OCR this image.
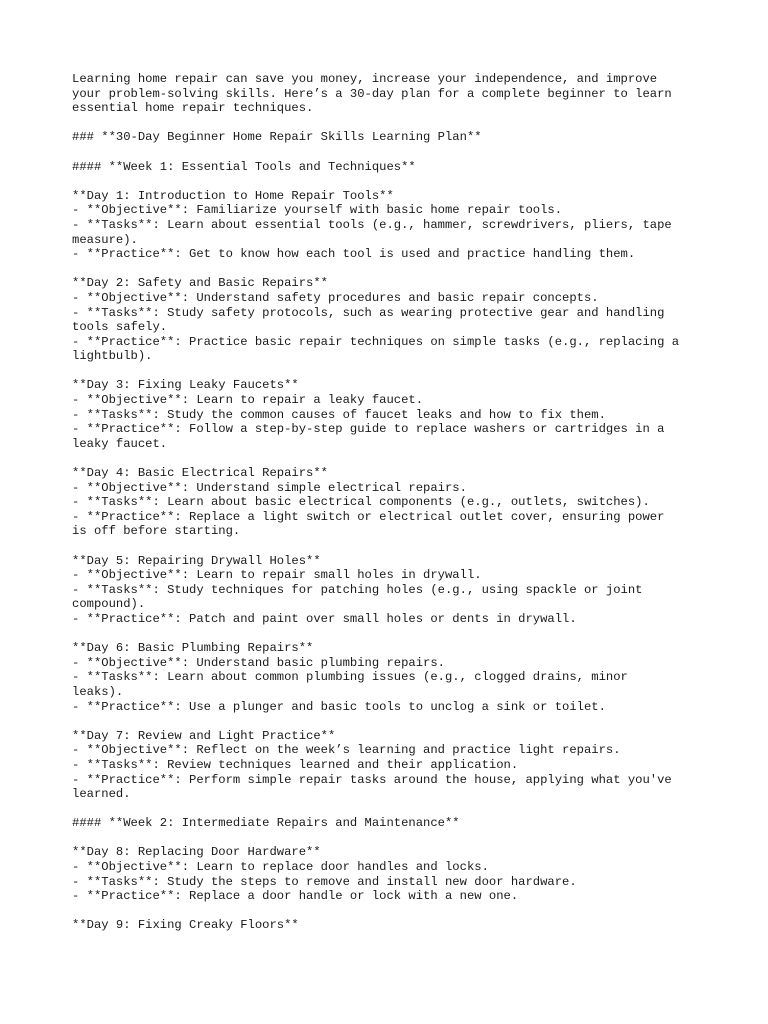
Learning home repair can save you money, increase your independence, and improve
your problem-solving skills. Here’s a 30-day plan for a complete beginner to learn
essential home repair techniques.
### **30-Day Beginner Home Repair Skills Learning Plan**
#### **Week 1: Essential Tools and Techniques**
**Day 1: Introduction to Home Repair Tools**
- **Objective**: Familiarize yourself with basic home repair tools.
- **Tasks**: Learn about essential tools (e.g., hammer, screwdrivers, pliers, tape
measure).
- **Practice**: Get to know how each tool is used and practice handling them.
**Day 2: Safety and Basic Repairs**
- **Objective**: Understand safety procedures and basic repair concepts.
- **Tasks**: Study safety protocols, such as wearing protective gear and handling
tools safely.
- **Practice**: Practice basic repair techniques on simple tasks (e.g., replacing a
lightbulb).
**Day 3: Fixing Leaky Faucets**
- **Objective**: Learn to repair a leaky faucet.
- **Tasks**: Study the common causes of faucet leaks and how to fix them.
- **Practice**: Follow a step-by-step guide to replace washers or cartridges in a
leaky faucet.
**Day 4: Basic Electrical Repairs**
- **Objective**: Understand simple electrical repairs.
- **Tasks**: Learn about basic electrical components (e.g., outlets, switches).
- **Practice**: Replace a light switch or electrical outlet cover, ensuring power
is off before starting.
**Day 5: Repairing Drywall Holes**
- **Objective**: Learn to repair small holes in drywall.
- **Tasks**: Study techniques for patching holes (e.g., using spackle or joint
compound).
- **Practice**: Patch and paint over small holes or dents in drywall.
**Day 6: Basic Plumbing Repairs**
- **Objective**: Understand basic plumbing repairs.
- **Tasks**: Learn about common plumbing issues (e.g., clogged drains, minor
leaks).
- **Practice**: Use a plunger and basic tools to unclog a sink or toilet.
**Day 7: Review and Light Practice**
- **Objective**: Reflect on the week’s learning and practice light repairs.
- **Tasks**: Review techniques learned and their application.
- **Practice**: Perform simple repair tasks around the house, applying what you've
learned.
#### **Week 2: Intermediate Repairs and Maintenance**
**Day 8: Replacing Door Hardware**
- **Objective**: Learn to replace door handles and locks.
- **Tasks**: Study the steps to remove and install new door hardware.
- **Practice**: Replace a door handle or lock with a new one.
**Day 9: Fixing Creaky Floors**
